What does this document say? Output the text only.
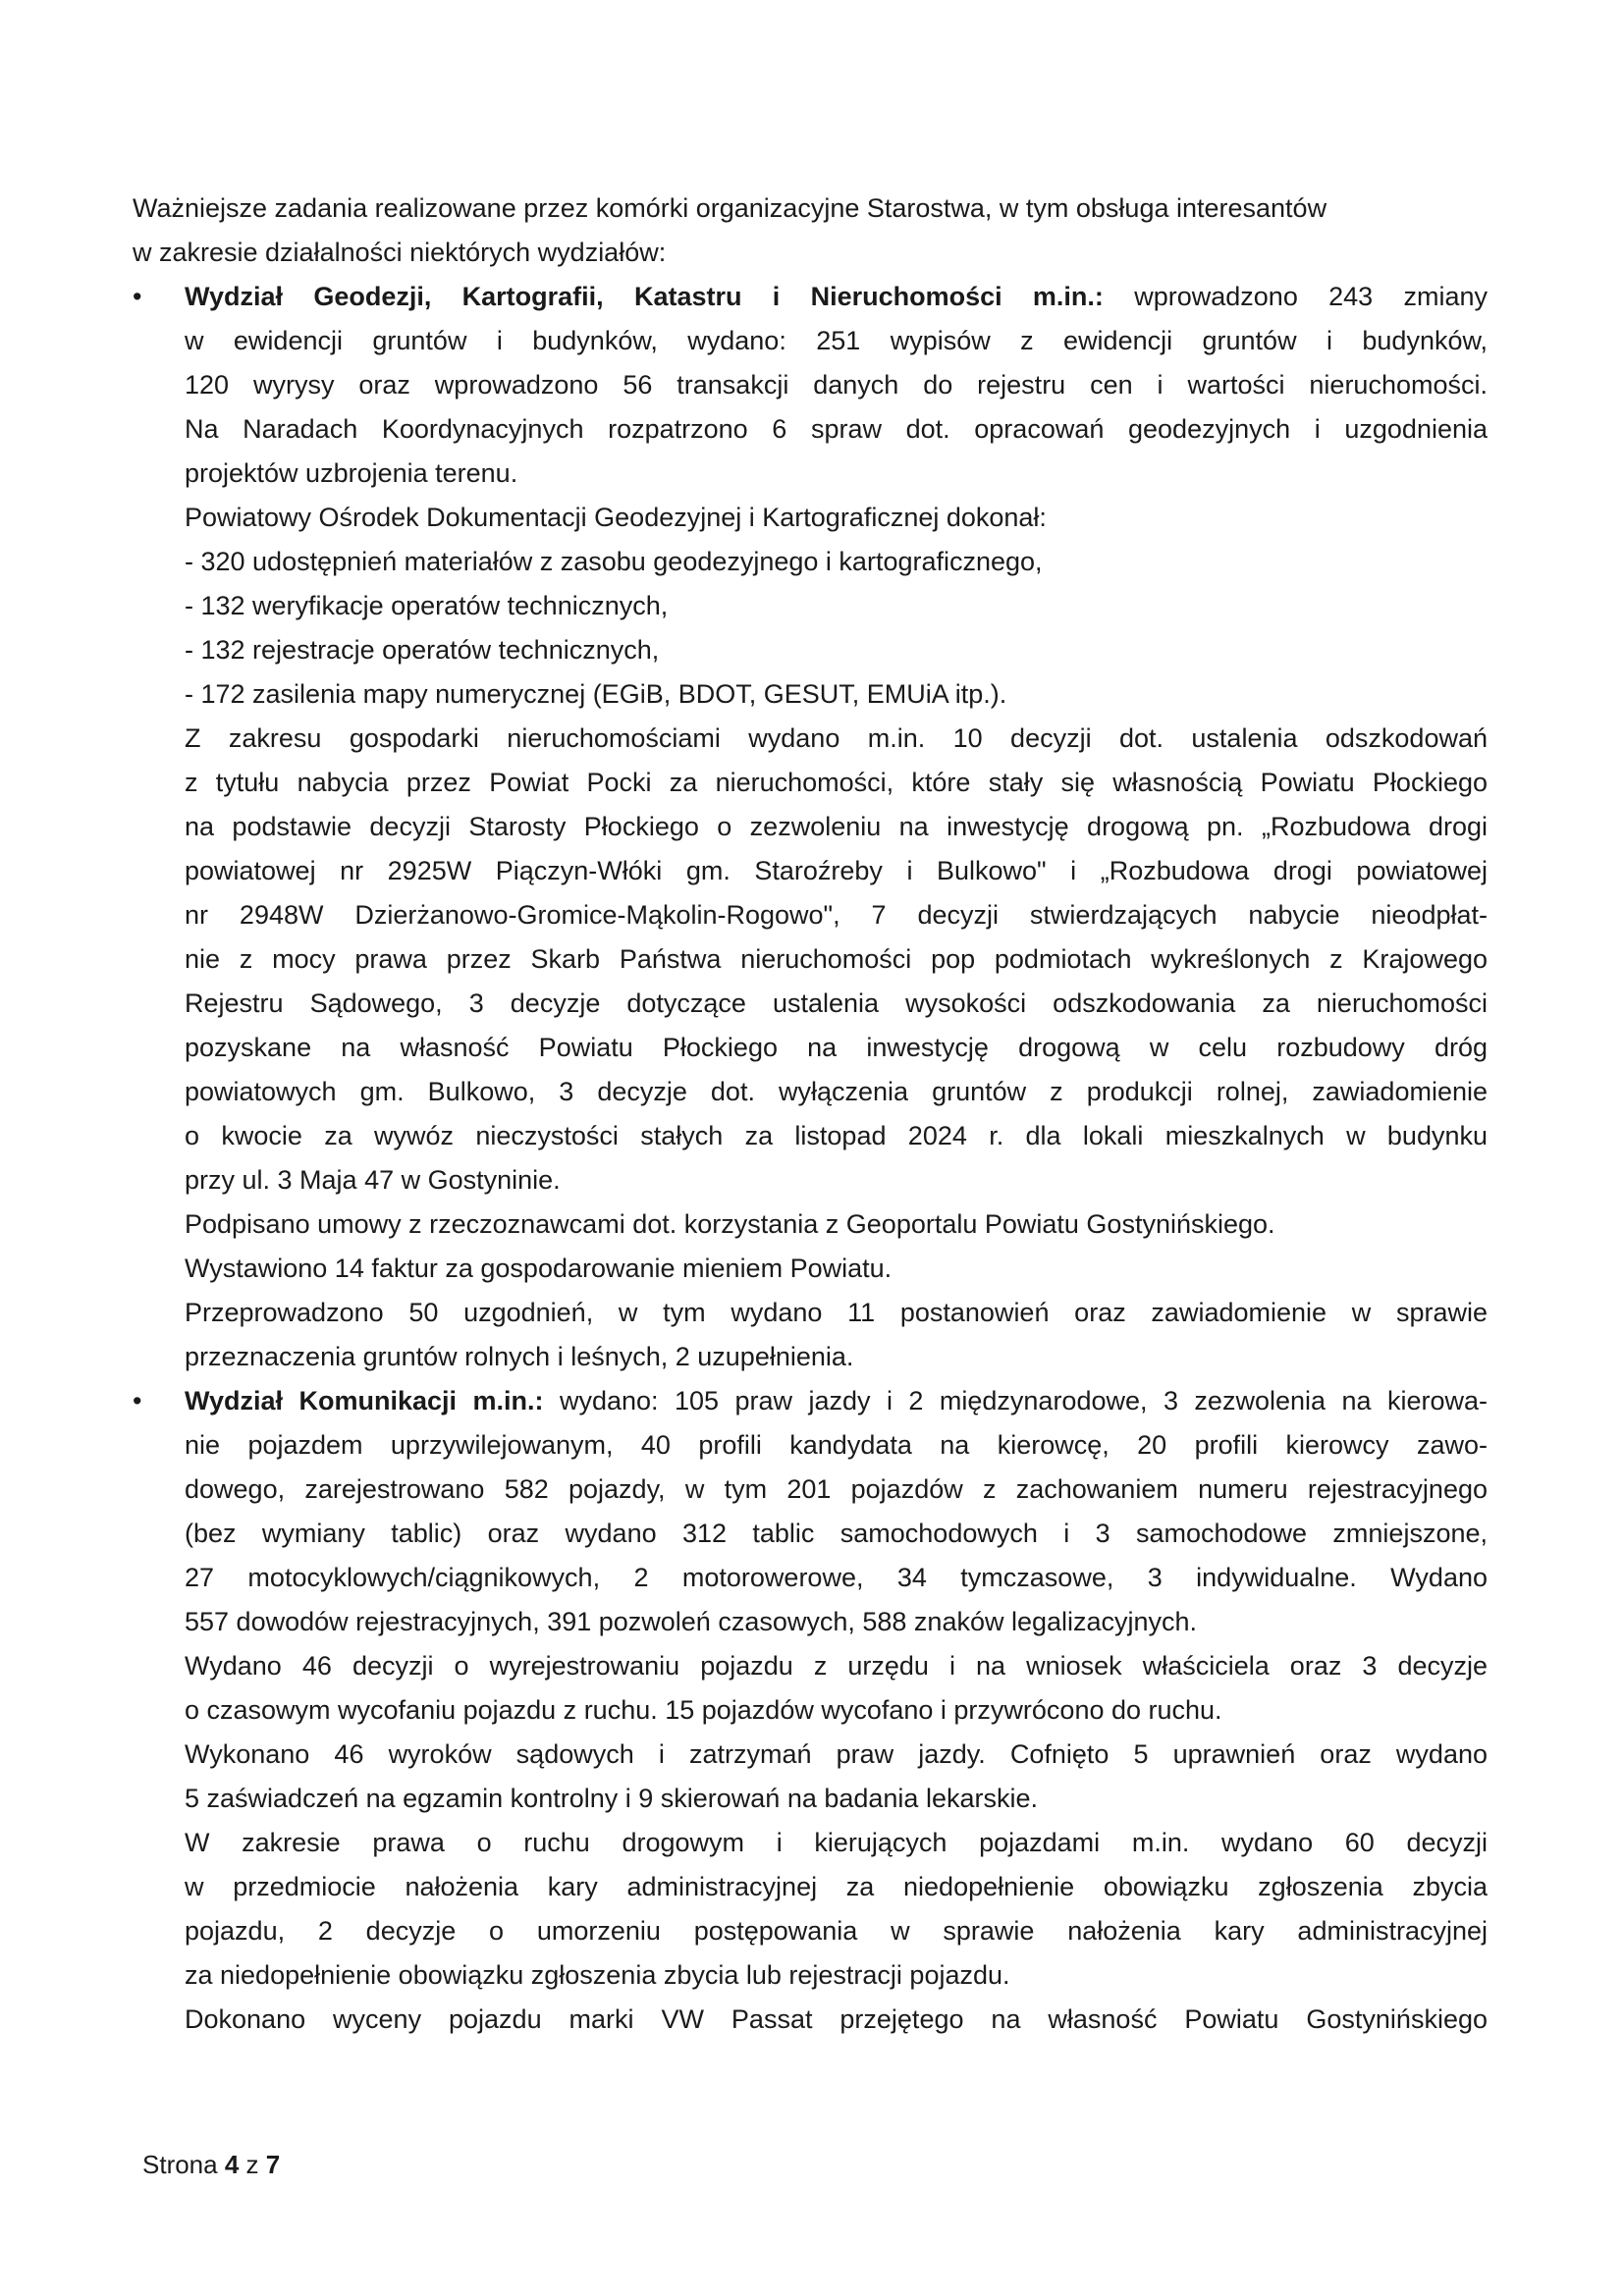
Ważniejsze zadania realizowane przez komórki organizacyjne Starostwa, w tym obsługa interesantów
w zakresie działalności niektórych wydziałów:
•	Wydział Geodezji, Kartografii, Katastru i Nieruchomości m.in.: wprowadzono 243 zmiany
w ewidencji gruntów i budynków, wydano: 251 wypisów z ewidencji gruntów i budynków,
120 wyrysy oraz wprowadzono 56 transakcji danych do rejestru cen i wartości nieruchomości.
Na Naradach Koordynacyjnych rozpatrzono 6 spraw dot. opracowań geodezyjnych i uzgodnienia
projektów uzbrojenia terenu.
Powiatowy Ośrodek Dokumentacji Geodezyjnej i Kartograficznej dokonał:
- 320 udostępnień materiałów z zasobu geodezyjnego i kartograficznego,
- 132 weryfikacje operatów technicznych,
- 132 rejestracje operatów technicznych,
- 172 zasilenia mapy numerycznej (EGiB, BDOT, GESUT, EMUiA itp.).
Z zakresu gospodarki nieruchomościami wydano m.in. 10 decyzji dot. ustalenia odszkodowań
z tytułu nabycia przez Powiat Pocki za nieruchomości, które stały się własnością Powiatu Płockiego
na podstawie decyzji Starosty Płockiego o zezwoleniu na inwestycję drogową pn. „Rozbudowa drogi
powiatowej nr 2925W Piączyn-Włóki gm. Staroźreby i Bulkowo" i „Rozbudowa drogi powiatowej
nr 2948W Dzierżanowo-Gromice-Mąkolin-Rogowo", 7 decyzji stwierdzających nabycie nieodpłat-
nie z mocy prawa przez Skarb Państwa nieruchomości pop podmiotach wykreślonych z Krajowego
Rejestru Sądowego, 3 decyzje dotyczące ustalenia wysokości odszkodowania za nieruchomości
pozyskane na własność Powiatu Płockiego na inwestycję drogową w celu rozbudowy dróg
powiatowych gm. Bulkowo, 3 decyzje dot. wyłączenia gruntów z produkcji rolnej, zawiadomienie
o kwocie za wywóz nieczystości stałych za listopad 2024 r. dla lokali mieszkalnych w budynku
przy ul. 3 Maja 47 w Gostyninie.
Podpisano umowy z rzeczoznawcami dot. korzystania z Geoportalu Powiatu Gostynińskiego.
Wystawiono 14 faktur za gospodarowanie mieniem Powiatu.
Przeprowadzono 50 uzgodnień, w tym wydano 11 postanowień oraz zawiadomienie w sprawie
przeznaczenia gruntów rolnych i leśnych, 2 uzupełnienia.
•	Wydział Komunikacji m.in.: wydano: 105 praw jazdy i 2 międzynarodowe, 3 zezwolenia na kierowa-
nie pojazdem uprzywilejowanym, 40 profili kandydata na kierowcę, 20 profili kierowcy zawo-
dowego, zarejestrowano 582 pojazdy, w tym 201 pojazdów z zachowaniem numeru rejestracyjnego
(bez wymiany tablic) oraz wydano 312 tablic samochodowych i 3 samochodowe zmniejszone,
27 motocyklowych/ciągnikowych, 2 motorowerowe, 34 tymczasowe, 3 indywidualne. Wydano
557 dowodów rejestracyjnych, 391 pozwoleń czasowych, 588 znaków legalizacyjnych.
Wydano 46 decyzji o wyrejestrowaniu pojazdu z urzędu i na wniosek właściciela oraz 3 decyzje
o czasowym wycofaniu pojazdu z ruchu. 15 pojazdów wycofano i przywrócono do ruchu.
Wykonano 46 wyroków sądowych i zatrzymań praw jazdy. Cofnięto 5 uprawnień oraz wydano
5 zaświadczeń na egzamin kontrolny i 9 skierowań na badania lekarskie.
W zakresie prawa o ruchu drogowym i kierujących pojazdami m.in. wydano 60 decyzji
w przedmiocie nałożenia kary administracyjnej za niedopełnienie obowiązku zgłoszenia zbycia
pojazdu, 2 decyzje o umorzeniu postępowania w sprawie nałożenia kary administracyjnej
za niedopełnienie obowiązku zgłoszenia zbycia lub rejestracji pojazdu.
Dokonano wyceny pojazdu marki VW Passat przejętego na własność Powiatu Gostynińskiego
Strona 4 z 7
